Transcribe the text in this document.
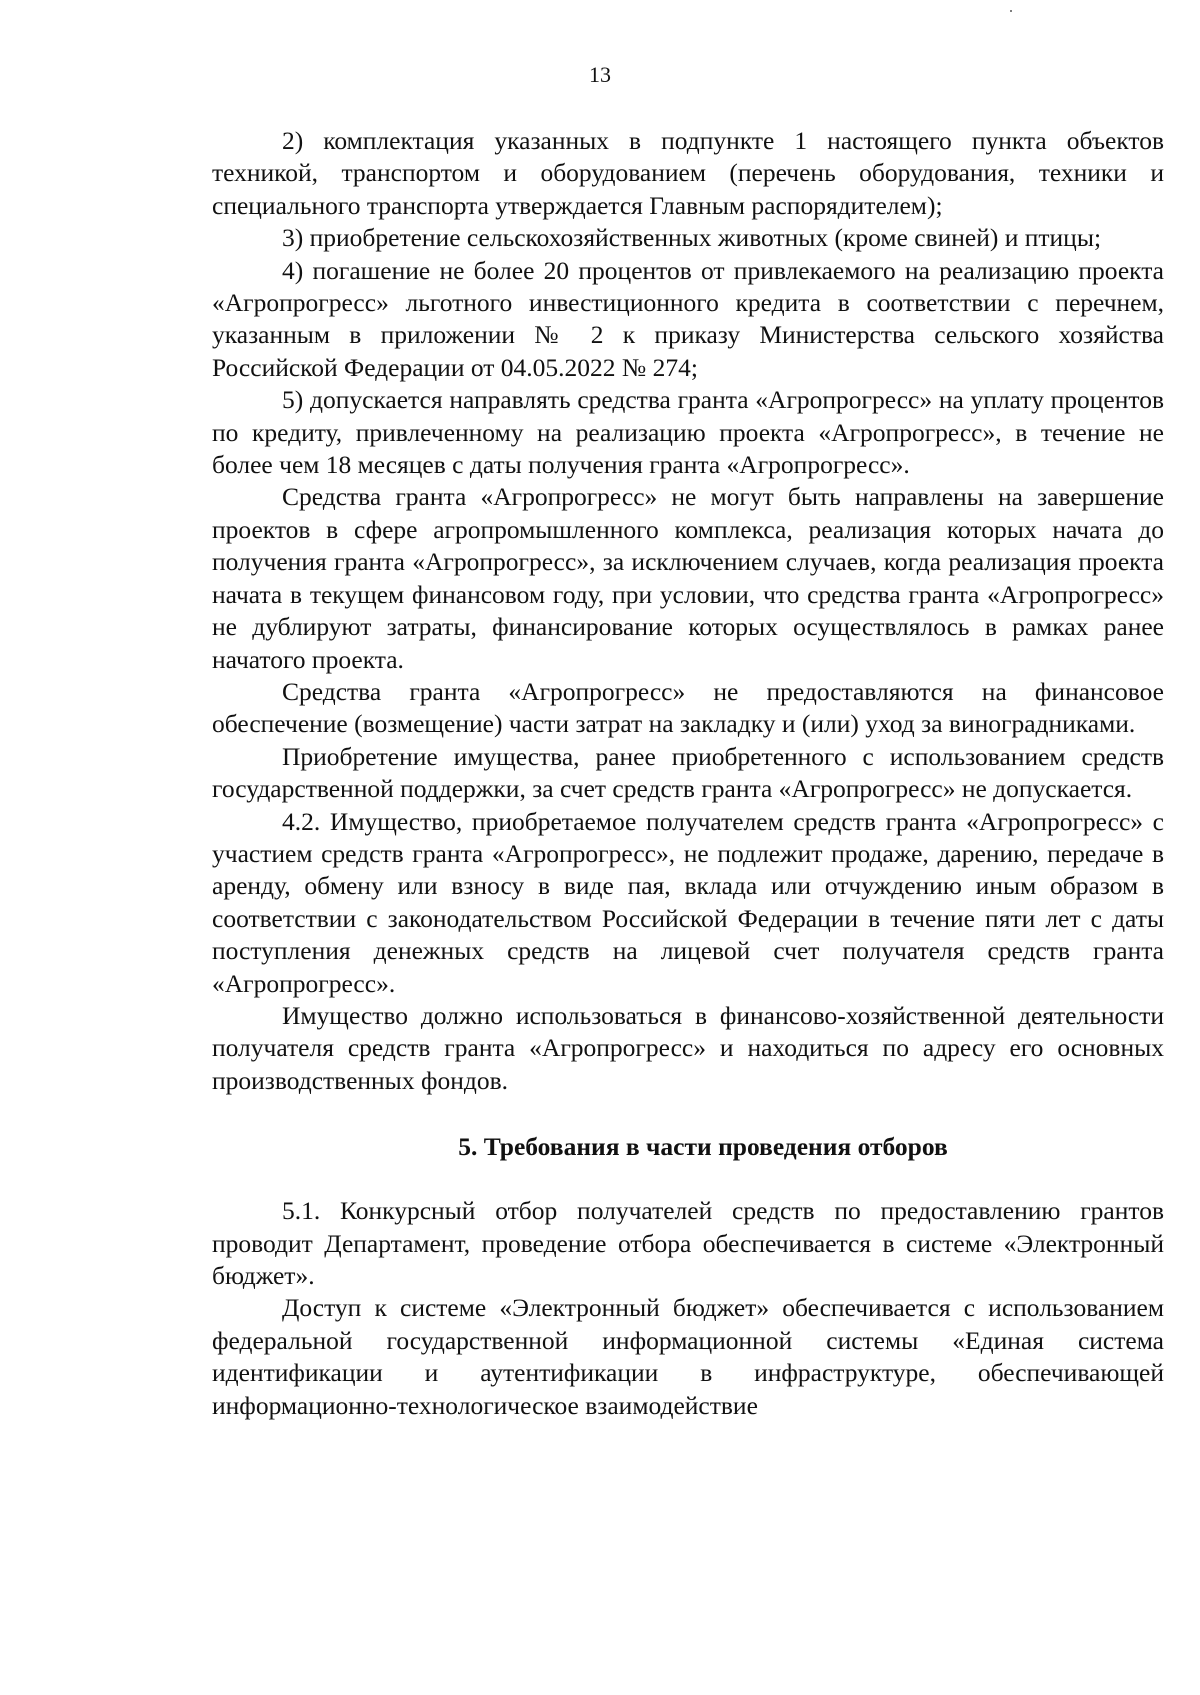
13

2) комплектация указанных в подпункте 1 настоящего пункта объектов техникой, транспортом и оборудованием (перечень оборудования, техники и специального транспорта утверждается Главным распорядителем);

3) приобретение сельскохозяйственных животных (кроме свиней) и птицы;

4) погашение не более 20 процентов от привлекаемого на реализацию проекта «Агропрогресс» льготного инвестиционного кредита в соответствии с перечнем, указанным в приложении № 2 к приказу Министерства сельского хозяйства Российской Федерации от 04.05.2022 № 274;

5) допускается направлять средства гранта «Агропрогресс» на уплату процентов по кредиту, привлеченному на реализацию проекта «Агропрогресс», в течение не более чем 18 месяцев с даты получения гранта «Агропрогресс».

Средства гранта «Агропрогресс» не могут быть направлены на завершение проектов в сфере агропромышленного комплекса, реализация которых начата до получения гранта «Агропрогресс», за исключением случаев, когда реализация проекта начата в текущем финансовом году, при условии, что средства гранта «Агропрогресс» не дублируют затраты, финансирование которых осуществлялось в рамках ранее начатого проекта.

Средства гранта «Агропрогресс» не предоставляются на финансовое обеспечение (возмещение) части затрат на закладку и (или) уход за виноградниками.

Приобретение имущества, ранее приобретенного с использованием средств государственной поддержки, за счет средств гранта «Агропрогресс» не допускается.

4.2. Имущество, приобретаемое получателем средств гранта «Агропрогресс» с участием средств гранта «Агропрогресс», не подлежит продаже, дарению, передаче в аренду, обмену или взносу в виде пая, вклада или отчуждению иным образом в соответствии с законодательством Российской Федерации в течение пяти лет с даты поступления денежных средств на лицевой счет получателя средств гранта «Агропрогресс».

Имущество должно использоваться в финансово-хозяйственной деятельности получателя средств гранта «Агропрогресс» и находиться по адресу его основных производственных фондов.

5. Требования в части проведения отборов

5.1. Конкурсный отбор получателей средств по предоставлению грантов проводит Департамент, проведение отбора обеспечивается в системе «Электронный бюджет».

Доступ к системе «Электронный бюджет» обеспечивается с использованием федеральной государственной информационной системы «Единая система идентификации и аутентификации в инфраструктуре, обеспечивающей информационно-технологическое взаимодействие
